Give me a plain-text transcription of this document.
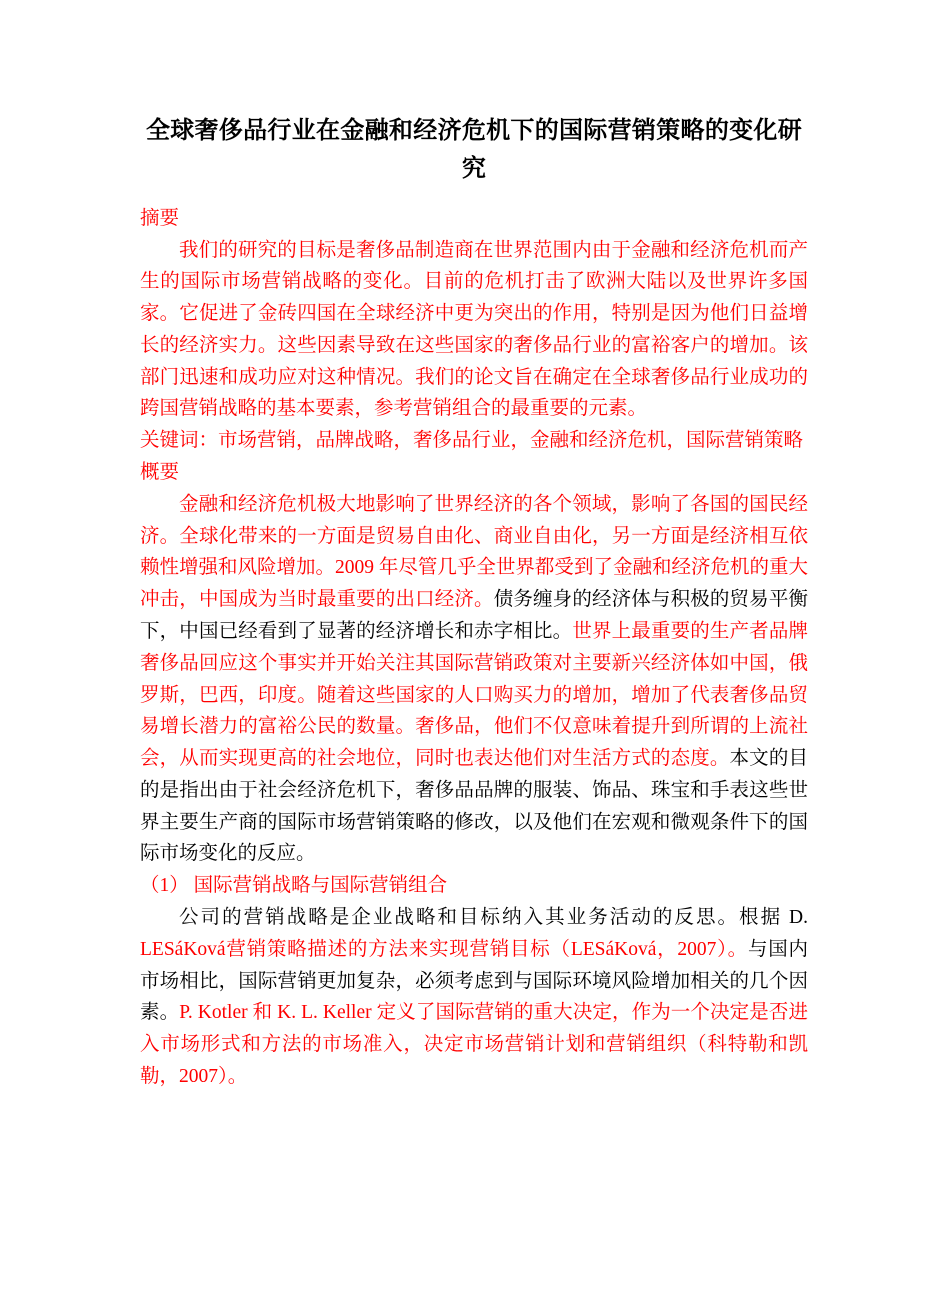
全球奢侈品行业在金融和经济危机下的国际营销策略的变化研究

摘要

我们的研究的目标是奢侈品制造商在世界范围内由于金融和经济危机而产生的国际市场营销战略的变化。目前的危机打击了欧洲大陆以及世界许多国家。它促进了金砖四国在全球经济中更为突出的作用，特别是因为他们日益增长的经济实力。这些因素导致在这些国家的奢侈品行业的富裕客户的增加。该部门迅速和成功应对这种情况。我们的论文旨在确定在全球奢侈品行业成功的跨国营销战略的基本要素，参考营销组合的最重要的元素。

关键词：市场营销，品牌战略，奢侈品行业，金融和经济危机，国际营销策略

概要

金融和经济危机极大地影响了世界经济的各个领域，影响了各国的国民经济。全球化带来的一方面是贸易自由化、商业自由化，另一方面是经济相互依赖性增强和风险增加。2009 年尽管几乎全世界都受到了金融和经济危机的重大冲击，中国成为当时最重要的出口经济。债务缠身的经济体与积极的贸易平衡下，中国已经看到了显著的经济增长和赤字相比。世界上最重要的生产者品牌奢侈品回应这个事实并开始关注其国际营销政策对主要新兴经济体如中国，俄罗斯，巴西，印度。随着这些国家的人口购买力的增加，增加了代表奢侈品贸易增长潜力的富裕公民的数量。奢侈品，他们不仅意味着提升到所谓的上流社会，从而实现更高的社会地位，同时也表达他们对生活方式的态度。本文的目的是指出由于社会经济危机下，奢侈品品牌的服装、饰品、珠宝和手表这些世界主要生产商的国际市场营销策略的修改，以及他们在宏观和微观条件下的国际市场变化的反应。

（1） 国际营销战略与国际营销组合

公司的营销战略是企业战略和目标纳入其业务活动的反思。根据 D. LESáKová营销策略描述的方法来实现营销目标（LESáKová，2007）。与国内市场相比，国际营销更加复杂，必须考虑到与国际环境风险增加相关的几个因素。P. Kotler 和 K. L. Keller 定义了国际营销的重大决定，作为一个决定是否进入市场形式和方法的市场准入，决定市场营销计划和营销组织（科特勒和凯勒，2007）。
